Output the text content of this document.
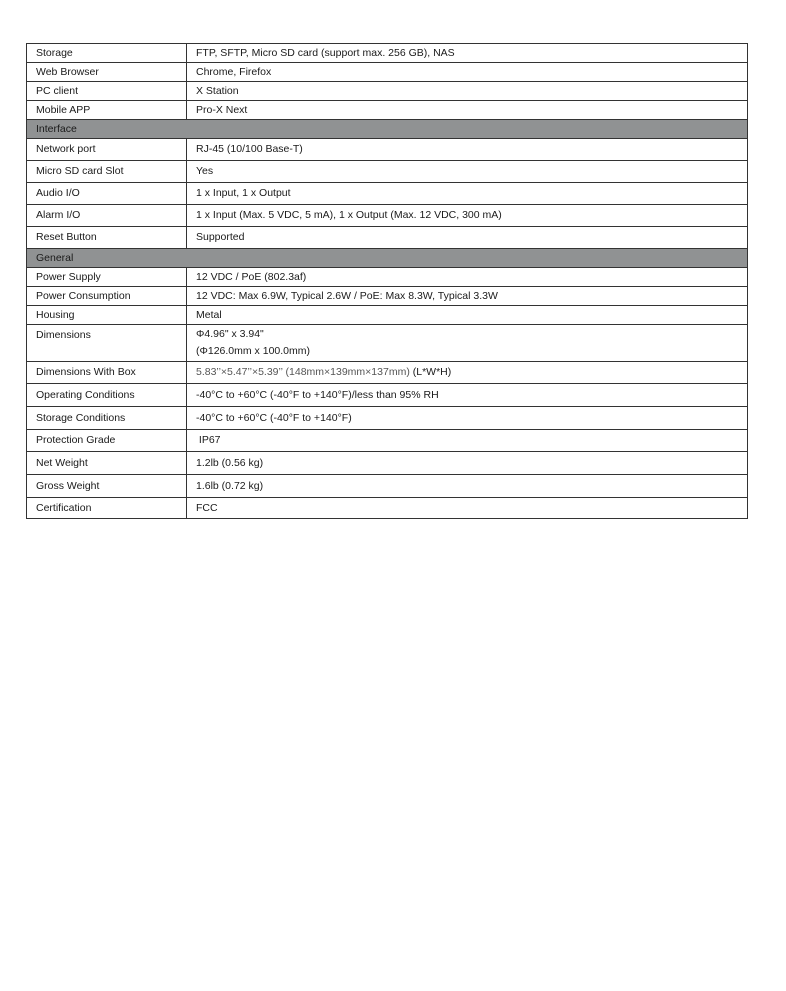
Storage	FTP, SFTP, Micro SD card (support max. 256 GB), NAS
Web Browser	Chrome, Firefox
PC client	X Station
Mobile APP	Pro-X Next
Interface	
Network port	RJ-45 (10/100 Base-T)
Micro SD card Slot	Yes
Audio I/O	1 x Input, 1 x Output
Alarm I/O	1 x Input (Max. 5 VDC, 5 mA), 1 x Output (Max. 12 VDC, 300 mA)
Reset Button	Supported
General	
Power Supply	12 VDC / PoE (802.3af)
Power Consumption	12 VDC: Max 6.9W, Typical 2.6W / PoE: Max 8.3W, Typical 3.3W
Housing	Metal
Dimensions	Φ4.96" x 3.94"
(Φ126.0mm x 100.0mm)

Dimensions With Box	5.83’’×5.47’’×5.39’’ (148mm×139mm×137mm) (L*W*H)
Operating Conditions	-40°C to +60°C (-40°F to +140°F)/less than 95% RH
Storage Conditions	-40°C to +60°C (-40°F to +140°F)
Protection Grade	IP67
Net Weight	1.2lb (0.56 kg)
Gross Weight	1.6lb (0.72 kg)
Certification	FCC
